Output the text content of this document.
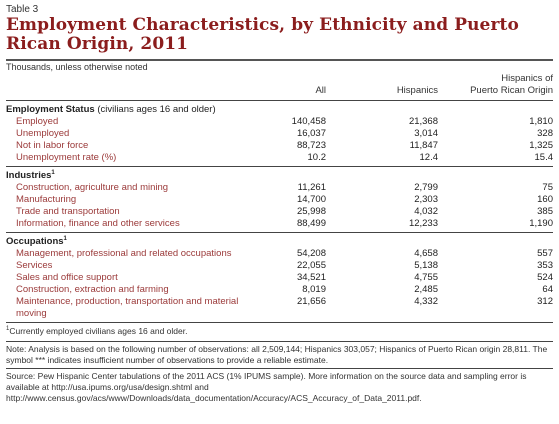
Table 3
Employment Characteristics, by Ethnicity and Puerto Rican Origin, 2011
Thousands, unless otherwise noted
			Hispanics of
	All	Hispanics	Puerto Rican Origin
Employment Status (civilians ages 16 and older)			
Employed	140,458	21,368	1,810
Unemployed	16,037	3,014	328
Not in labor force	88,723	11,847	1,325
Unemployment rate (%)	10.2	12.4	15.4
Industries$^1$
Construction, agriculture and mining	11,261	2,799	75
Manufacturing	14,700	2,303	160
Trade and transportation	25,998	4,032	385
Information, finance and other services	88,499	12,233	1,190
Occupations$^1$
Management, professional and related occupations	54,208	4,658	557
Services	22,055	5,138	353
Sales and office support	34,521	4,755	524
Construction, extraction and farming	8,019	2,485	64
Maintenance, production, transportation and material	21,656	4,332	312
moving			
$^1$Currently employed civilians ages 16 and older.
Note: Analysis is based on the following number of observations: all 2,509,144; Hispanics 303,057; Hispanics of Puerto Rican origin 28,811. The symbol *** indicates insufficient number of observations to provide a reliable estimate.
Source: Pew Hispanic Center tabulations of the 2011 ACS (1% IPUMS sample). More information on the source data and sampling error is available at http://usa.ipums.org/usa/design.shtml and http://www.census.gov/acs/www/Downloads/data_documentation/Accuracy/ACS_Accuracy_of_Data_2011.pdf.
